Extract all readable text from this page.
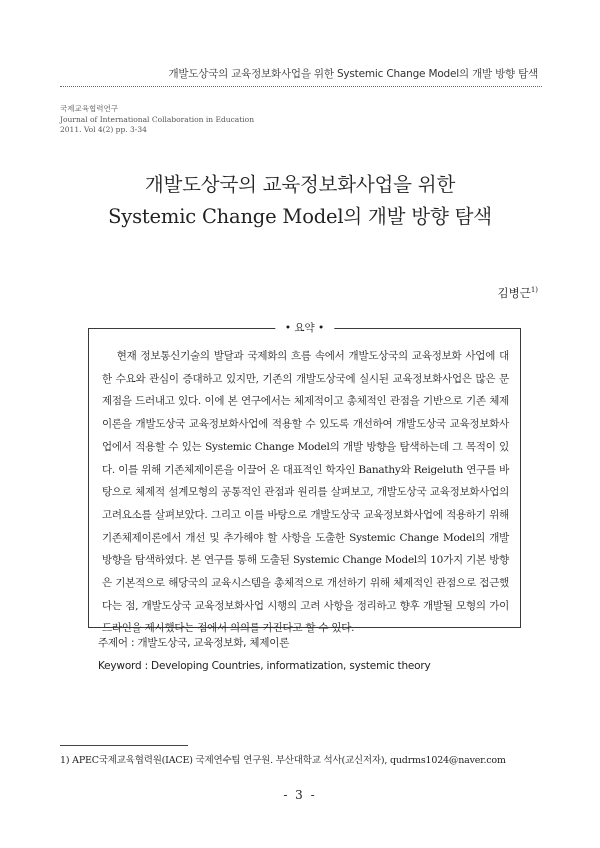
개발도상국의 교육정보화사업을 위한 Systemic Change Model의 개발 방향 탐색
국제교육협력연구
Journal of International Collaboration in Education
2011. Vol 4(2) pp. 3-34
개발도상국의 교육정보화사업을 위한
Systemic Change Model의 개발 방향 탐색
김병근$^{1)}$
• 요약 •

현재 정보통신기술의 발달과 국제화의 흐름 속에서 개발도상국의 교육정보화 사업에 대한 수요와 관심이 증대하고 있지만, 기존의 개발도상국에 실시된 교육정보화사업은 많은 문제점을 드러내고 있다. 이에 본 연구에서는 체제적이고 총체적인 관점을 기반으로 기존 체제이론을 개발도상국 교육정보화사업에 적용할 수 있도록 개선하여 개발도상국 교육정보화사업에서 적용할 수 있는 Systemic Change Model의 개발 방향을 탐색하는데 그 목적이 있다. 이를 위해 기존체제이론을 이끌어 온 대표적인 학자인 Banathy와 Reigeluth 연구를 바탕으로 체제적 설계모형의 공통적인 관점과 원리를 살펴보고, 개발도상국 교육정보화사업의 고려요소를 살펴보았다. 그리고 이를 바탕으로 개발도상국 교육정보화사업에 적용하기 위해 기존체제이론에서 개선 및 추가해야 할 사항을 도출한 Systemic Change Model의 개발 방향을 탐색하였다. 본 연구를 통해 도출된 Systemic Change Model의 10가지 기본 방향은 기본적으로 해당국의 교육시스템을 총체적으로 개선하기 위해 체제적인 관점으로 접근했다는 점, 개발도상국 교육정보화사업 시행의 고려 사항을 정리하고 향후 개발될 모형의 가이드라인을 제시했다는 점에서 의의를 가진다고 할 수 있다.

주제어 : 개발도상국, 교육정보화, 체제이론
Keyword : Developing Countries, informatization, systemic theory
1) APEC국제교육협력원(IACE) 국제연수팀 연구원. 부산대학교 석사(교신저자), qudrms1024@naver.com
- 3 -
